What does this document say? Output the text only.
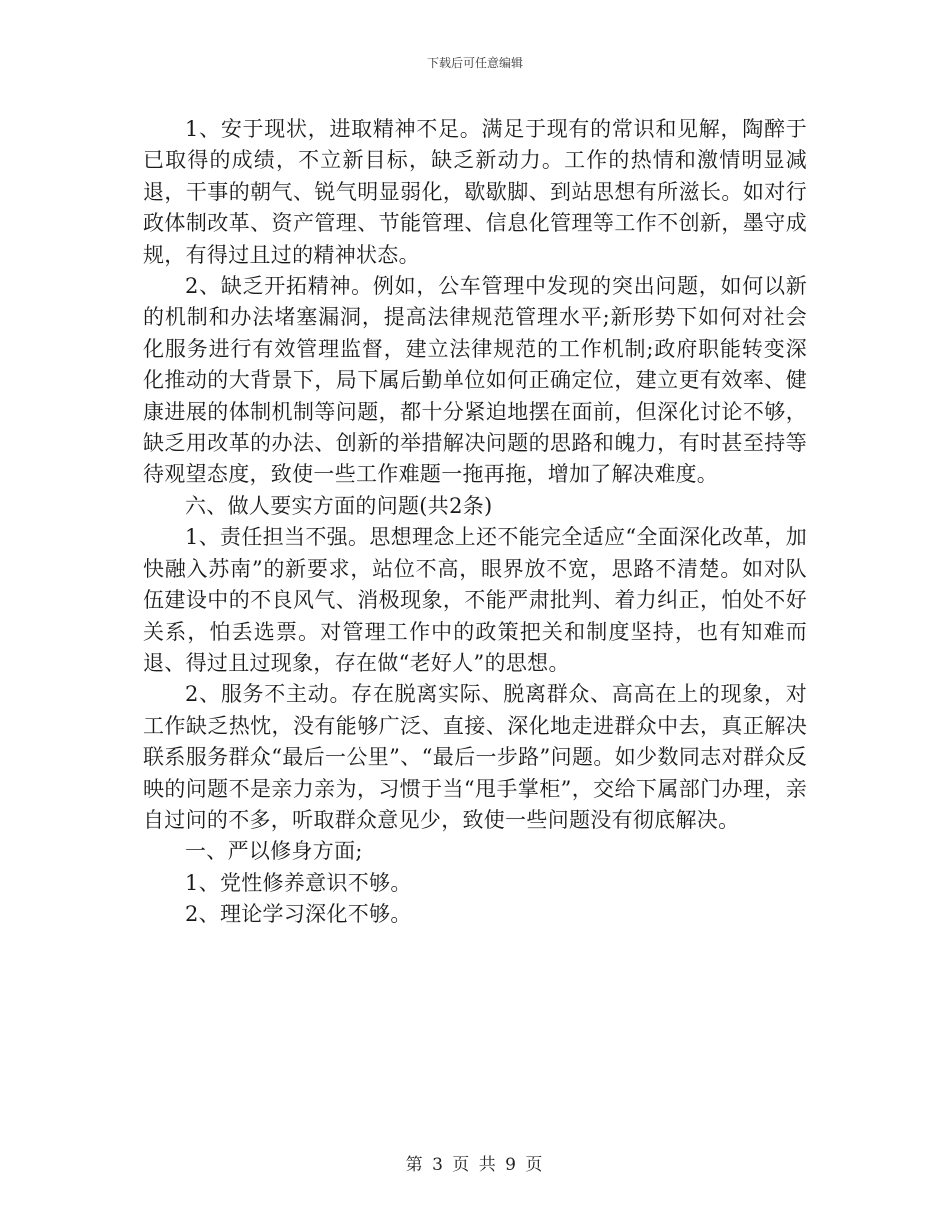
下载后可任意编辑

1、安于现状，进取精神不足。满足于现有的常识和见解，陶醉于已取得的成绩，不立新目标，缺乏新动力。工作的热情和激情明显减退，干事的朝气、锐气明显弱化，歇歇脚、到站思想有所滋长。如对行政体制改革、资产管理、节能管理、信息化管理等工作不创新，墨守成规，有得过且过的精神状态。

2、缺乏开拓精神。例如，公车管理中发现的突出问题，如何以新的机制和办法堵塞漏洞，提高法律规范管理水平;新形势下如何对社会化服务进行有效管理监督，建立法律规范的工作机制;政府职能转变深化推动的大背景下，局下属后勤单位如何正确定位，建立更有效率、健康进展的体制机制等问题，都十分紧迫地摆在面前，但深化讨论不够，缺乏用改革的办法、创新的举措解决问题的思路和魄力，有时甚至持等待观望态度，致使一些工作难题一拖再拖，增加了解决难度。

六、做人要实方面的问题(共2条)

1、责任担当不强。思想理念上还不能完全适应“全面深化改革，加快融入苏南”的新要求，站位不高，眼界放不宽，思路不清楚。如对队伍建设中的不良风气、消极现象，不能严肃批判、着力纠正，怕处不好关系，怕丢选票。对管理工作中的政策把关和制度坚持，也有知难而退、得过且过现象，存在做“老好人”的思想。

2、服务不主动。存在脱离实际、脱离群众、高高在上的现象，对工作缺乏热忱，没有能够广泛、直接、深化地走进群众中去，真正解决联系服务群众“最后一公里”、“最后一步路”问题。如少数同志对群众反映的问题不是亲力亲为，习惯于当“甩手掌柜”，交给下属部门办理，亲自过问的不多，听取群众意见少，致使一些问题没有彻底解决。

一、严以修身方面;

1、党性修养意识不够。

2、理论学习深化不够。

第 3 页 共 9 页
